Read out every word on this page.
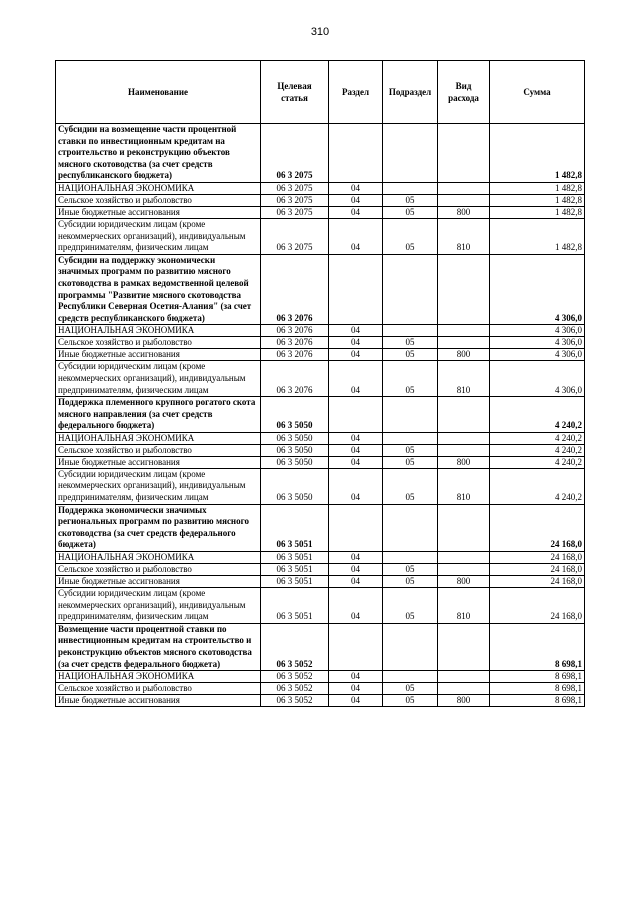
310
Наименование	Целевая статья	Раздел	Подраздел	Вид расхода	Сумма
Субсидии на возмещение части процентной ставки по инвестиционным кредитам на строительство и реконструкцию объектов мясного скотоводства (за счет средств республиканского бюджета)	06 3 2075				1 482,8
НАЦИОНАЛЬНАЯ ЭКОНОМИКА	06 3 2075	04			1 482,8
Сельское хозяйство и рыболовство	06 3 2075	04	05		1 482,8
Иные бюджетные ассигнования	06 3 2075	04	05	800	1 482,8
Субсидии юридическим лицам (кроме некоммерческих организаций), индивидуальным предпринимателям, физическим лицам	06 3 2075	04	05	810	1 482,8
Субсидии на поддержку экономически значимых программ по развитию мясного скотоводства в рамках ведомственной целевой программы "Развитие мясного скотоводства Республики Северная Осетия-Алания" (за счет средств республиканского бюджета)	06 3 2076				4 306,0
НАЦИОНАЛЬНАЯ ЭКОНОМИКА	06 3 2076	04			4 306,0
Сельское хозяйство и рыболовство	06 3 2076	04	05		4 306,0
Иные бюджетные ассигнования	06 3 2076	04	05	800	4 306,0
Субсидии юридическим лицам (кроме некоммерческих организаций), индивидуальным предпринимателям, физическим лицам	06 3 2076	04	05	810	4 306,0
Поддержка племенного крупного рогатого скота мясного направления (за счет средств федерального бюджета)	06 3 5050				4 240,2
НАЦИОНАЛЬНАЯ ЭКОНОМИКА	06 3 5050	04			4 240,2
Сельское хозяйство и рыболовство	06 3 5050	04	05		4 240,2
Иные бюджетные ассигнования	06 3 5050	04	05	800	4 240,2
Субсидии юридическим лицам (кроме некоммерческих организаций), индивидуальным предпринимателям, физическим лицам	06 3 5050	04	05	810	4 240,2
Поддержка экономически значимых региональных программ по развитию мясного скотоводства (за счет средств федерального бюджета)	06 3 5051				24 168,0
НАЦИОНАЛЬНАЯ ЭКОНОМИКА	06 3 5051	04			24 168,0
Сельское хозяйство и рыболовство	06 3 5051	04	05		24 168,0
Иные бюджетные ассигнования	06 3 5051	04	05	800	24 168,0
Субсидии юридическим лицам (кроме некоммерческих организаций), индивидуальным предпринимателям, физическим лицам	06 3 5051	04	05	810	24 168,0
Возмещение части процентной ставки по инвестиционным кредитам на строительство и реконструкцию объектов мясного скотоводства (за счет средств федерального бюджета)	06 3 5052				8 698,1
НАЦИОНАЛЬНАЯ ЭКОНОМИКА	06 3 5052	04			8 698,1
Сельское хозяйство и рыболовство	06 3 5052	04	05		8 698,1
Иные бюджетные ассигнования	06 3 5052	04	05	800	8 698,1
